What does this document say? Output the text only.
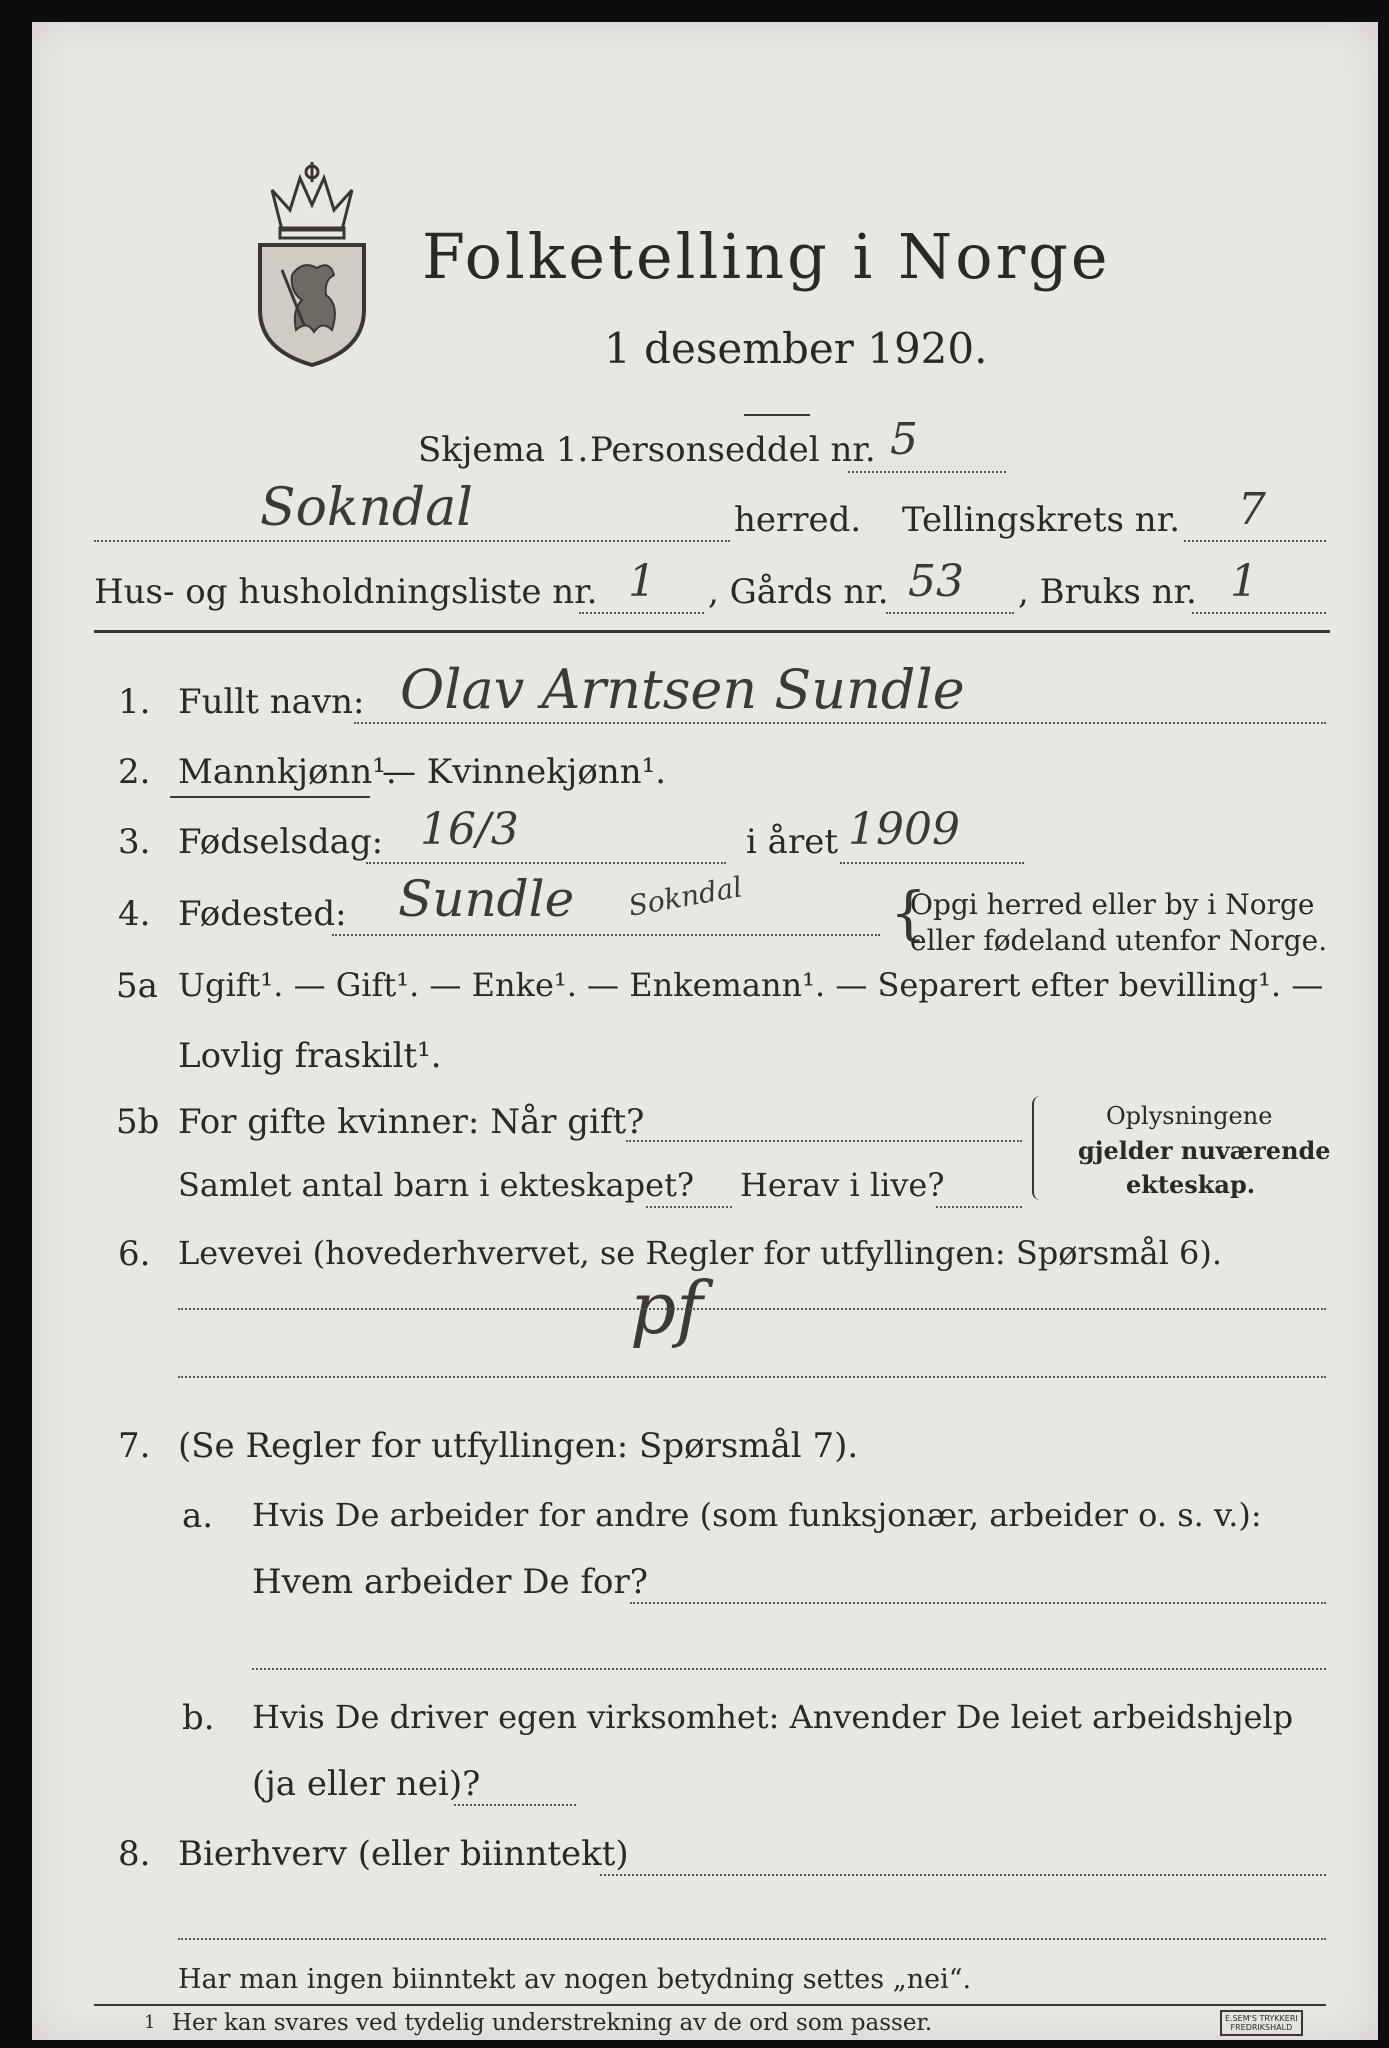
Folketelling i Norge
1 desember 1920.
Skjema 1. Personseddel nr. 5
Sokndal	herred. Tellingskrets nr. 7
Hus- og husholdningsliste nr. 1 , Gårds nr. 53 , Bruks nr. 1
1. Fullt navn: Olav Arntsen Sundle
2. Mannkjønn¹.
— Kvinnekjønn¹.
3. Fødselsdag: 16/3	i året 1909
4. Fødested: Sundle Sokndal	{
Opgi herred eller by i Norge
eller fødeland utenfor Norge.
5a Ugift¹. — Gift¹. — Enke¹. — Enkemann¹. — Separert efter bevilling¹. —
Lovlig fraskilt¹.
5b For gifte kvinner: Når gift?
Samlet antal barn i ekteskapet? Herav i live?
Oplysningene
gjelder nuværende
ekteskap.
6. Levevei (hovederhvervet, se Regler for utfyllingen: Spørsmål 6).
pf
7. (Se Regler for utfyllingen: Spørsmål 7).
a. Hvis De arbeider for andre (som funksjonær, arbeider o. s. v.):
Hvem arbeider De for?
b. Hvis De driver egen virksomhet: Anvender De leiet arbeidshjelp
(ja eller nei)?
8. Bierhverv (eller biinntekt)
Har man ingen biinntekt av nogen betydning settes „nei“.
1 Her kan svares ved tydelig understrekning av de ord som passer.	E.SEM'S TRYKKERI
FREDRIKSHALD
